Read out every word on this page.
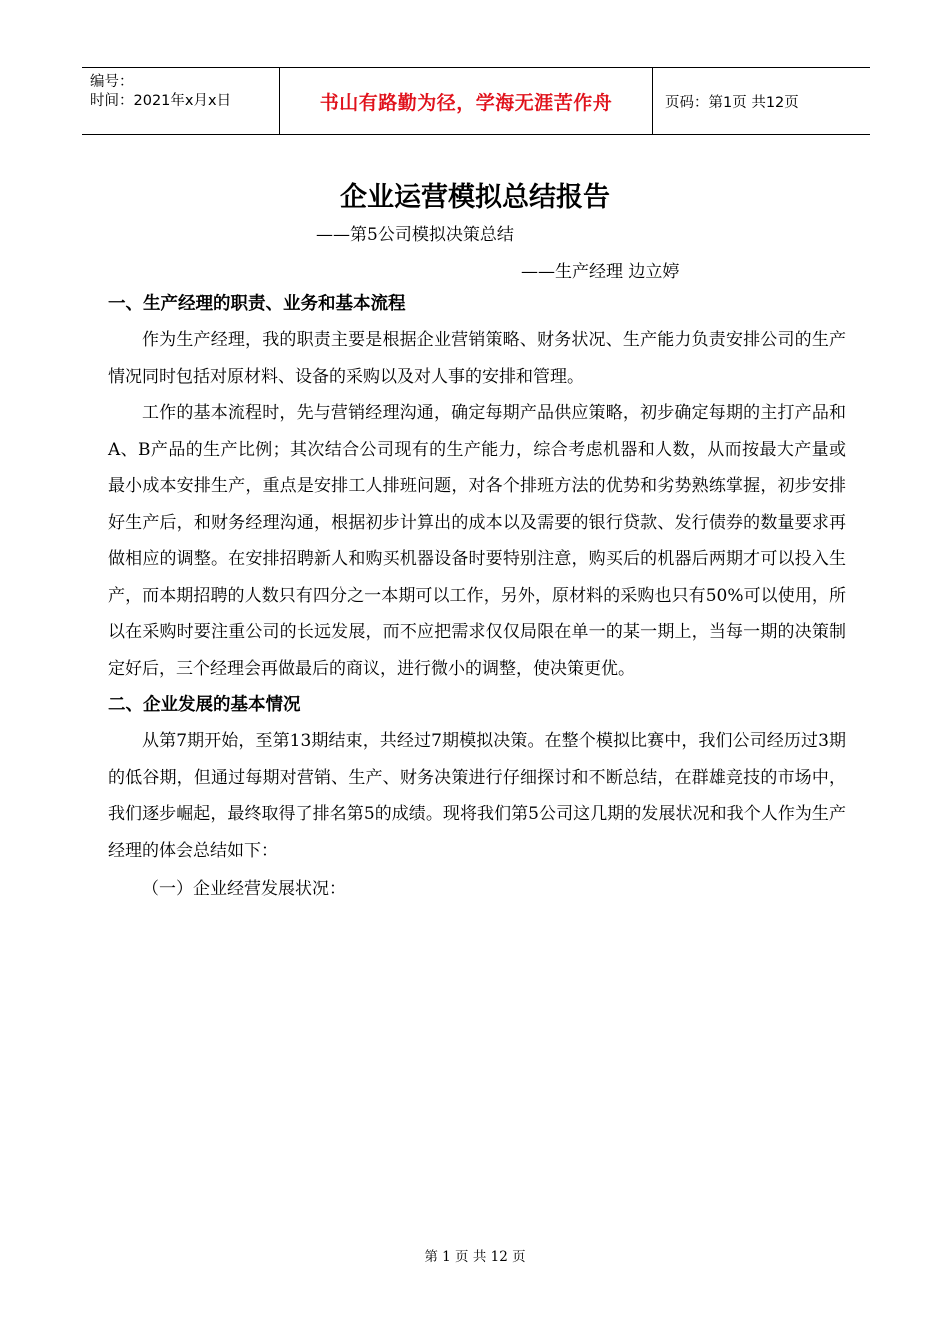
编号：
时间：2021年x月x日	书山有路勤为径，学海无涯苦作舟	页码：第1页 共12页
企业运营模拟总结报告
——第5公司模拟决策总结
——生产经理 边立婷
一、生产经理的职责、业务和基本流程

作为生产经理，我的职责主要是根据企业营销策略、财务状况、生产能力负责安排公司的生产情况同时包括对原材料、设备的采购以及对人事的安排和管理。

工作的基本流程时，先与营销经理沟通，确定每期产品供应策略，初步确定每期的主打产品和A、B产品的生产比例；其次结合公司现有的生产能力，综合考虑机器和人数，从而按最大产量或最小成本安排生产，重点是安排工人排班问题，对各个排班方法的优势和劣势熟练掌握，初步安排好生产后，和财务经理沟通，根据初步计算出的成本以及需要的银行贷款、发行债券的数量要求再做相应的调整。在安排招聘新人和购买机器设备时要特别注意，购买后的机器后两期才可以投入生产，而本期招聘的人数只有四分之一本期可以工作，另外，原材料的采购也只有50%可以使用，所以在采购时要注重公司的长远发展，而不应把需求仅仅局限在单一的某一期上，当每一期的决策制定好后，三个经理会再做最后的商议，进行微小的调整，使决策更优。

二、企业发展的基本情况

从第7期开始，至第13期结束，共经过7期模拟决策。在整个模拟比赛中，我们公司经历过3期的低谷期，但通过每期对营销、生产、财务决策进行仔细探讨和不断总结，在群雄竞技的市场中，我们逐步崛起，最终取得了排名第5的成绩。现将我们第5公司这几期的发展状况和我个人作为生产经理的体会总结如下：

（一）企业经营发展状况：
第 1 页 共 12 页
